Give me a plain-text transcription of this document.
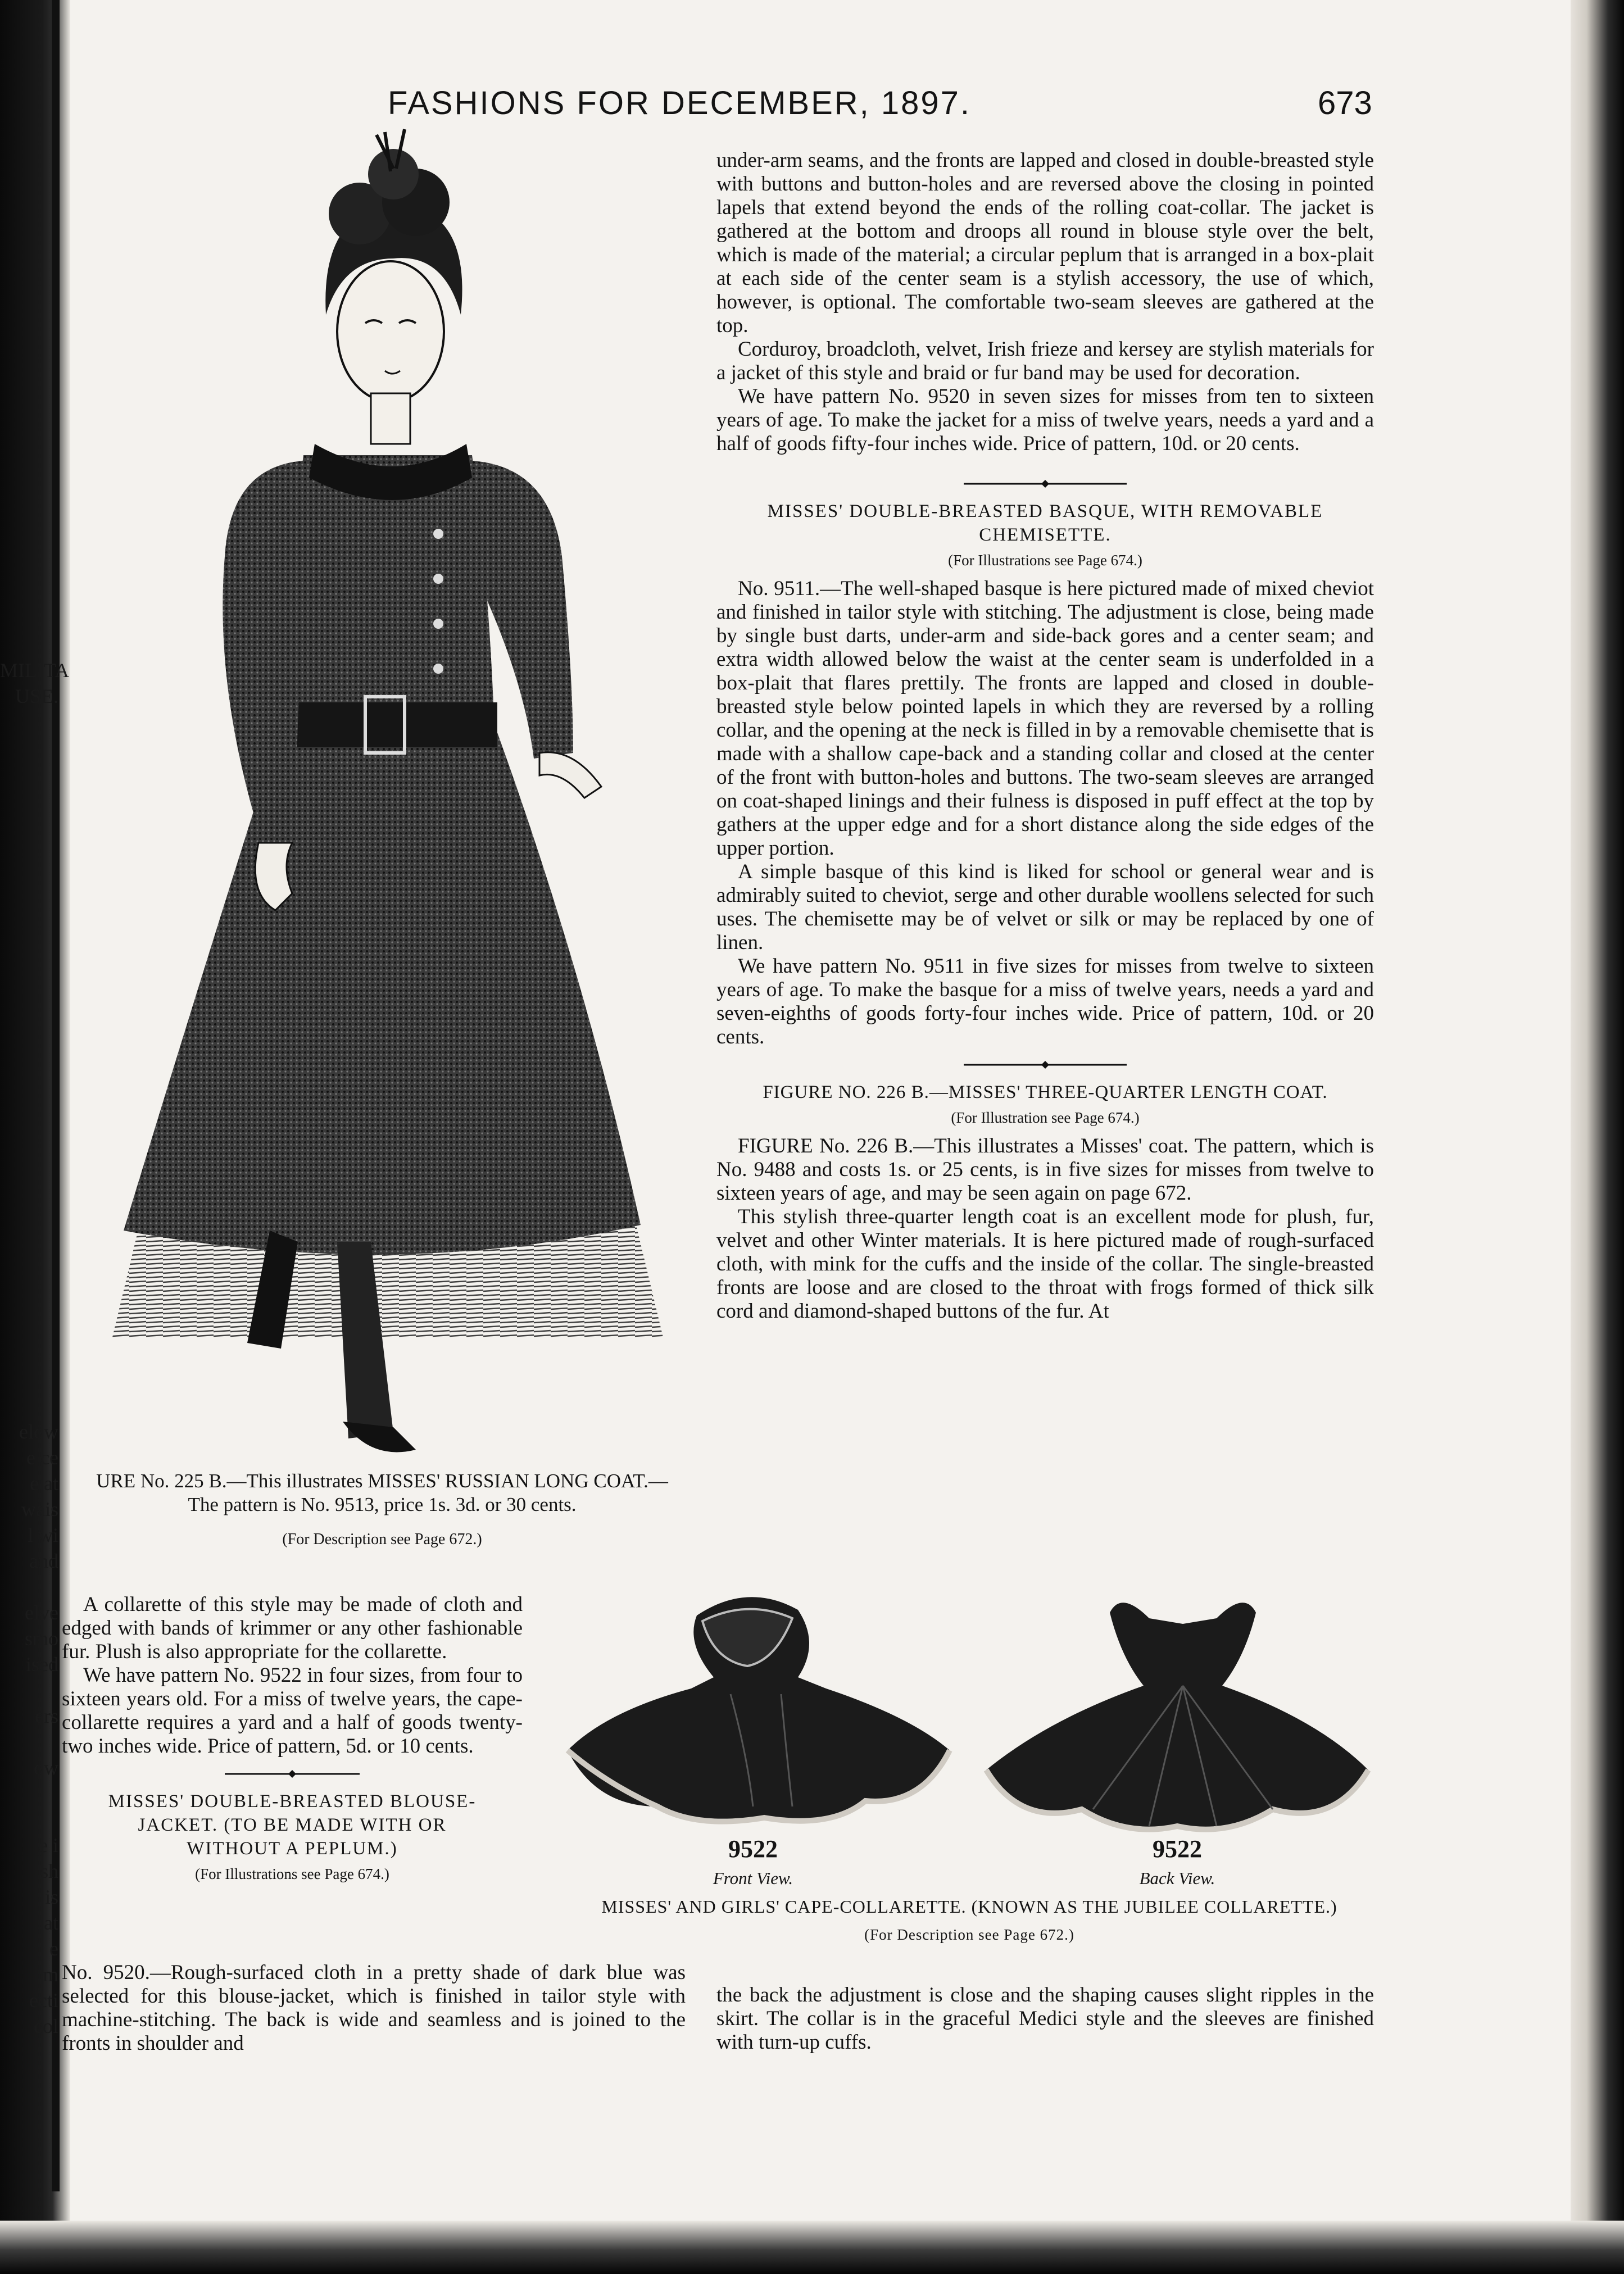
MILITA
USE.
elow
e ce
e at
wais
l wi
and

elve
smo
ised

ers

ow

e i
sh
is
at
e
m
ecti
col
FASHIONS FOR DECEMBER, 1897.	673
URE No. 225 B.—This illustrates MISSES' RUSSIAN LONG COAT.—
The pattern is No. 9513, price 1s. 3d. or 30 cents.
(For Description see Page 672.)

A collarette of this style may be made of cloth and edged with bands of krimmer or any other fashionable fur. Plush is also appropriate for the collarette.

We have pattern No. 9522 in four sizes, from four to sixteen years old. For a miss of twelve years, the cape-collarette requires a yard and a half of goods twenty-two inches wide. Price of pattern, 5d. or 10 cents.

MISSES' DOUBLE-BREASTED BLOUSE-
JACKET. (TO BE MADE WITH OR
WITHOUT A PEPLUM.)
(For Illustrations see Page 674.)

No. 9520.—Rough-surfaced cloth in a pretty shade of dark blue was selected for this blouse-jacket, which is finished in tailor style with machine-stitching. The back is wide and seamless and is joined to the fronts in shoulder and

under-arm seams, and the fronts are lapped and closed in double-breasted style with buttons and button-holes and are reversed above the closing in pointed lapels that extend beyond the ends of the rolling coat-collar. The jacket is gathered at the bottom and droops all round in blouse style over the belt, which is made of the material; a circular peplum that is arranged in a box-plait at each side of the center seam is a stylish accessory, the use of which, however, is optional. The comfortable two-seam sleeves are gathered at the top.

Corduroy, broadcloth, velvet, Irish frieze and kersey are stylish materials for a jacket of this style and braid or fur band may be used for decoration.

We have pattern No. 9520 in seven sizes for misses from ten to sixteen years of age. To make the jacket for a miss of twelve years, needs a yard and a half of goods fifty-four inches wide. Price of pattern, 10d. or 20 cents.

MISSES' DOUBLE-BREASTED BASQUE, WITH REMOVABLE
CHEMISETTE.
(For Illustrations see Page 674.)

No. 9511.—The well-shaped basque is here pictured made of mixed cheviot and finished in tailor style with stitching. The adjustment is close, being made by single bust darts, under-arm and side-back gores and a center seam; and extra width allowed below the waist at the center seam is underfolded in a box-plait that flares prettily. The fronts are lapped and closed in double-breasted style below pointed lapels in which they are reversed by a rolling collar, and the opening at the neck is filled in by a removable chemisette that is made with a shallow cape-back and a standing collar and closed at the center of the front with button-holes and buttons. The two-seam sleeves are arranged on coat-shaped linings and their fulness is disposed in puff effect at the top by gathers at the upper edge and for a short distance along the side edges of the upper portion.

A simple basque of this kind is liked for school or general wear and is admirably suited to cheviot, serge and other durable woollens selected for such uses. The chemisette may be of velvet or silk or may be replaced by one of linen.

We have pattern No. 9511 in five sizes for misses from twelve to sixteen years of age. To make the basque for a miss of twelve years, needs a yard and seven-eighths of goods forty-four inches wide. Price of pattern, 10d. or 20 cents.

FIGURE NO. 226 B.—MISSES' THREE-QUARTER LENGTH COAT.
(For Illustration see Page 674.)

FIGURE No. 226 B.—This illustrates a Misses' coat. The pattern, which is No. 9488 and costs 1s. or 25 cents, is in five sizes for misses from twelve to sixteen years of age, and may be seen again on page 672.

This stylish three-quarter length coat is an excellent mode for plush, fur, velvet and other Winter materials. It is here pictured made of rough-surfaced cloth, with mink for the cuffs and the inside of the collar. The single-breasted fronts are loose and are closed to the throat with frogs formed of thick silk cord and diamond-shaped buttons of the fur. At

9522
Front View.
9522
Back View.
MISSES' AND GIRLS' CAPE-COLLARETTE. (KNOWN AS THE JUBILEE COLLARETTE.)
(For Description see Page 672.)

the back the adjustment is close and the shaping causes slight ripples in the skirt. The collar is in the graceful Medici style and the sleeves are finished with turn-up cuffs.
